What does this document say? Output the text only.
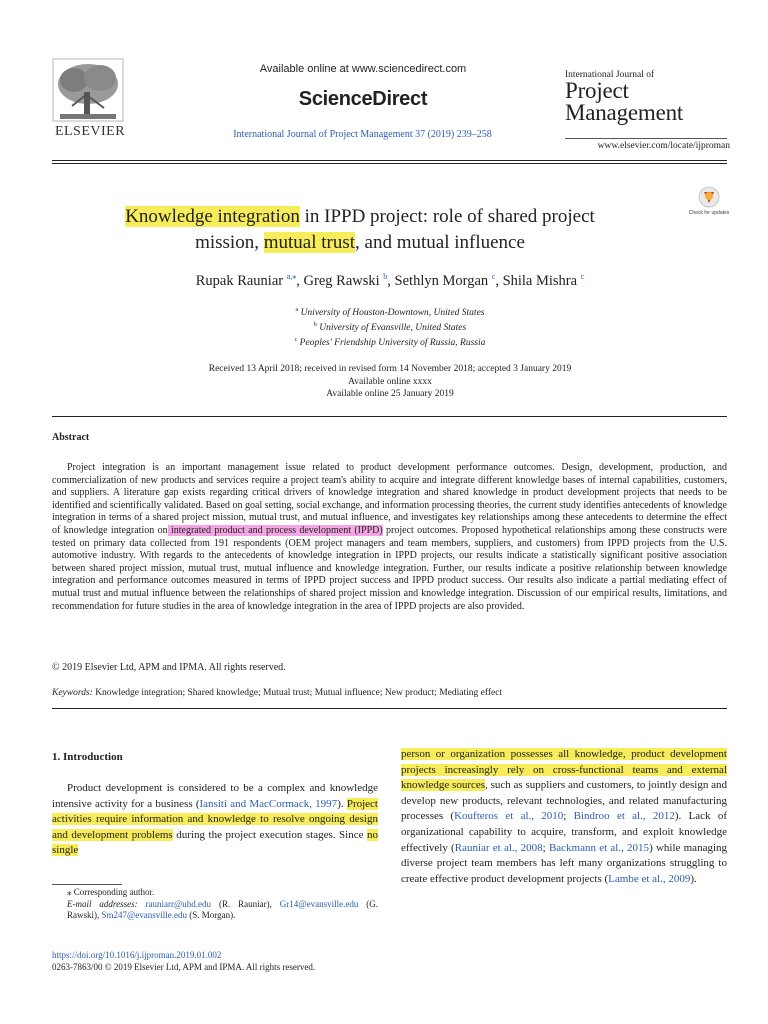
ELSEVIER
Available online at www.sciencedirect.com
ScienceDirect
International Journal of Project Management 37 (2019) 239–258
International Journal of
Project
Management
www.elsevier.com/locate/ijproman
Check for updates
Knowledge integration in IPPD project: role of shared project
mission, mutual trust, and mutual influence
Rupak Rauniar $^{a,⁎}$, Greg Rawski $^b$, Sethlyn Morgan $^c$, Shila Mishra $^c$
$^a$ University of Houston-Downtown, United States
$^b$ University of Evansville, United States
$^c$ Peoples' Friendship University of Russia, Russia
Received 13 April 2018; received in revised form 14 November 2018; accepted 3 January 2019
Available online xxxx
Available online 25 January 2019
Abstract

Project integration is an important management issue related to product development performance outcomes. Design, development, production, and commercialization of new products and services require a project team's ability to acquire and integrate different knowledge bases of internal capabilities, customers, and suppliers. A literature gap exists regarding critical drivers of knowledge integration and shared knowledge in product development projects that needs to be identified and scientifically validated. Based on goal setting, social exchange, and information processing theories, the current study identifies antecedents of knowledge integration in terms of a shared project mission, mutual trust, and mutual influence, and investigates key relationships among these antecedents to determine the effect of knowledge integration on integrated product and process development (IPPD) project outcomes. Proposed hypothetical relationships among these constructs were tested on primary data collected from 191 respondents (OEM project managers and team members, suppliers, and customers) from IPPD projects from the U.S. automotive industry. With regards to the antecedents of knowledge integration in IPPD projects, our results indicate a statistically significant positive association between shared project mission, mutual trust, mutual influence and knowledge integration. Further, our results indicate a positive relationship between knowledge integration and performance outcomes measured in terms of IPPD project success and IPPD product success. Our results also indicate a partial mediating effect of mutual trust and mutual influence between the relationships of shared project mission and knowledge integration. Discussion of our empirical results, limitations, and recommendation for future studies in the area of knowledge integration in the area of IPPD projects are also provided.

© 2019 Elsevier Ltd, APM and IPMA. All rights reserved.
Keywords: Knowledge integration; Shared knowledge; Mutual trust; Mutual influence; New product; Mediating effect
1. Introduction

Product development is considered to be a complex and knowledge intensive activity for a business (Iansiti and MacCormack, 1997). Project activities require information and knowledge to resolve ongoing design and development problems during the project execution stages. Since no single

person or organization possesses all knowledge, product development projects increasingly rely on cross-functional teams and external knowledge sources, such as suppliers and customers, to jointly design and develop new products, relevant technologies, and related manufacturing processes (Koufteros et al., 2010; Bindroo et al., 2012). Lack of organizational capability to acquire, transform, and exploit knowledge effectively (Rauniar et al., 2008; Backmann et al., 2015) while managing diverse project team members has left many organizations struggling to create effective product development projects (Lambe et al., 2009).

⁎ Corresponding author.
E-mail addresses: rauniarr@uhd.edu (R. Rauniar), Gr14@evansville.edu (G. Rawski), Sm247@evansville.edu (S. Morgan).
https://doi.org/10.1016/j.ijproman.2019.01.002
0263-7863/00 © 2019 Elsevier Ltd, APM and IPMA. All rights reserved.
